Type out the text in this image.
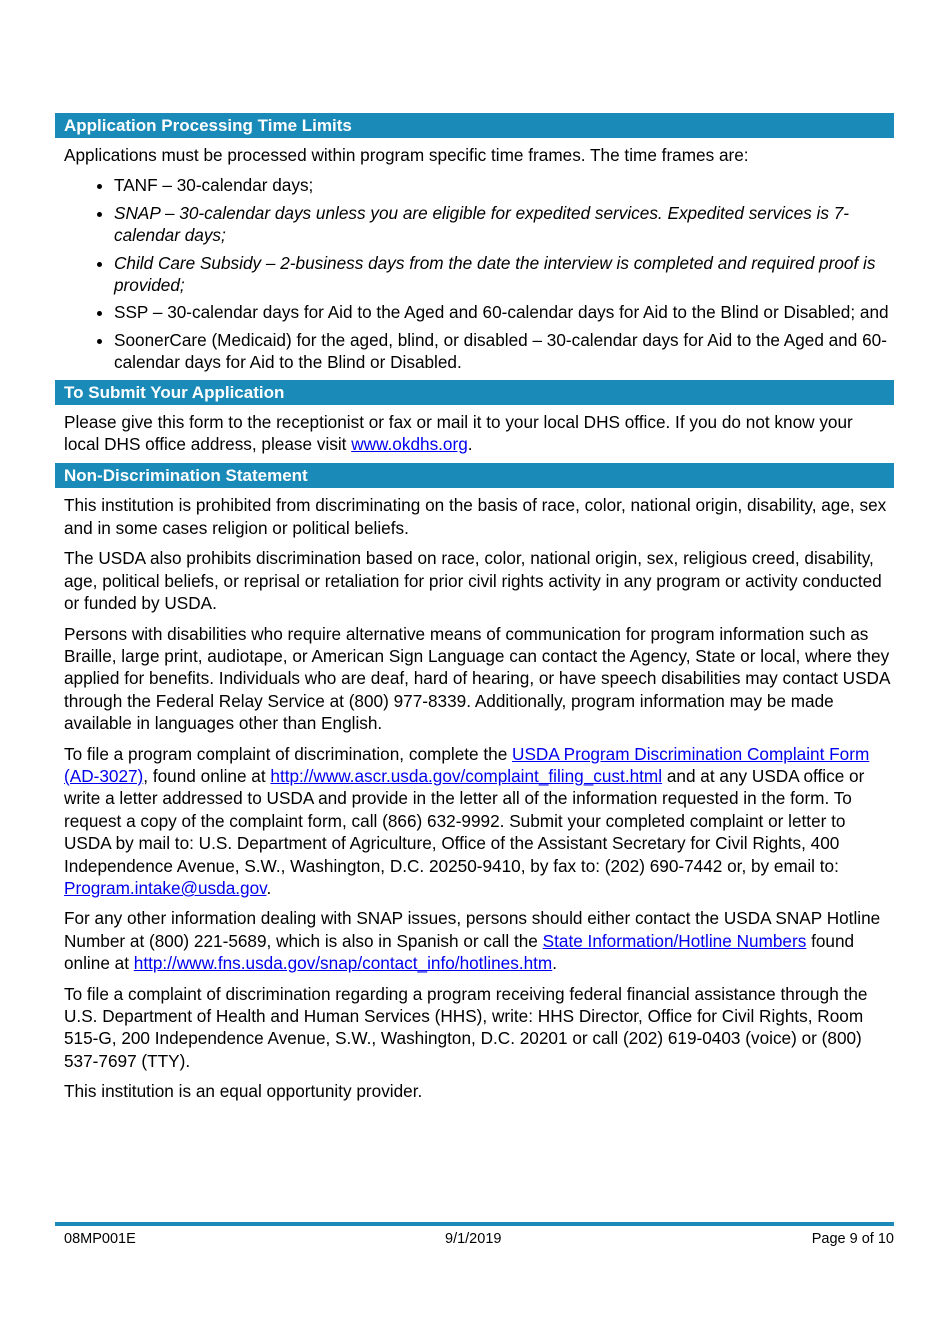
Application Processing Time Limits

Applications must be processed within program specific time frames. The time frames are:

• TANF – 30-calendar days;
• SNAP – 30-calendar days unless you are eligible for expedited services. Expedited services is 7-calendar days;
• Child Care Subsidy – 2-business days from the date the interview is completed and required proof is provided;
• SSP – 30-calendar days for Aid to the Aged and 60-calendar days for Aid to the Blind or Disabled; and
• SoonerCare (Medicaid) for the aged, blind, or disabled – 30-calendar days for Aid to the Aged and 60-calendar days for Aid to the Blind or Disabled.
To Submit Your Application

Please give this form to the receptionist or fax or mail it to your local DHS office. If you do not know your local DHS office address, please visit www.okdhs.org.

Non-Discrimination Statement

This institution is prohibited from discriminating on the basis of race, color, national origin, disability, age, sex and in some cases religion or political beliefs.

The USDA also prohibits discrimination based on race, color, national origin, sex, religious creed, disability, age, political beliefs, or reprisal or retaliation for prior civil rights activity in any program or activity conducted or funded by USDA.

Persons with disabilities who require alternative means of communication for program information such as Braille, large print, audiotape, or American Sign Language can contact the Agency, State or local, where they applied for benefits. Individuals who are deaf, hard of hearing, or have speech disabilities may contact USDA through the Federal Relay Service at (800) 977-8339. Additionally, program information may be made available in languages other than English.

To file a program complaint of discrimination, complete the USDA Program Discrimination Complaint Form (AD-3027), found online at http://www.ascr.usda.gov/complaint_filing_cust.html and at any USDA office or write a letter addressed to USDA and provide in the letter all of the information requested in the form. To request a copy of the complaint form, call (866) 632-9992. Submit your completed complaint or letter to USDA by mail to: U.S. Department of Agriculture, Office of the Assistant Secretary for Civil Rights, 400 Independence Avenue, S.W., Washington, D.C. 20250-9410, by fax to: (202) 690-7442 or, by email to: Program.intake@usda.gov.

For any other information dealing with SNAP issues, persons should either contact the USDA SNAP Hotline Number at (800) 221-5689, which is also in Spanish or call the State Information/Hotline Numbers found online at http://www.fns.usda.gov/snap/contact_info/hotlines.htm.

To file a complaint of discrimination regarding a program receiving federal financial assistance through the U.S. Department of Health and Human Services (HHS), write: HHS Director, Office for Civil Rights, Room 515-G, 200 Independence Avenue, S.W., Washington, D.C. 20201 or call (202) 619-0403 (voice) or (800) 537-7697 (TTY).

This institution is an equal opportunity provider.

08MP001E	9/1/2019	Page 9 of 10
